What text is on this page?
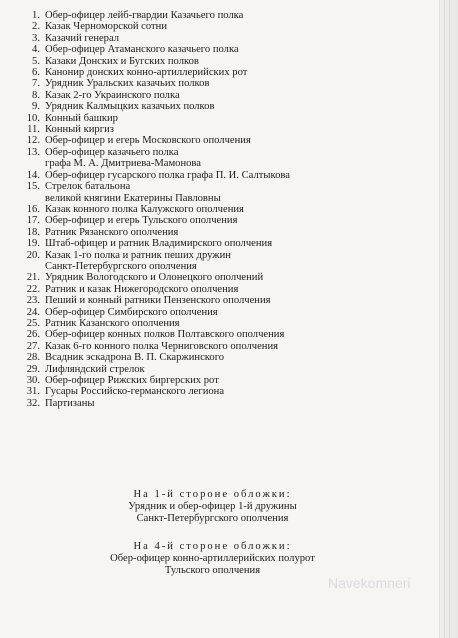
1. Обер-офицер лейб-гвардии Казачьего полка
2. Казак Черноморской сотни
3. Казачий генерал
4. Обер-офицер Атаманского казачьего полка
5. Казаки Донских и Бугских полков
6. Канонир донских конно-артиллерийских рот
7. Урядник Уральских казачьих полков
8. Казак 2-го Украинского полка
9. Урядник Калмыцких казачьих полков
10. Конный башкир
11. Конный киргиз
12. Обер-офицер и егерь Московского ополчения
13. Обер-офицер казачьего полка
графа М. А. Дмитриева-Мамонова
14. Обер-офицер гусарского полка графа П. И. Салтыкова
15. Стрелок батальона
великой княгини Екатерины Павловны
16. Казак конного полка Калужского ополчения
17. Обер-офицер и егерь Тульского ополчения
18. Ратник Рязанского ополчения
19. Штаб-офицер и ратник Владимирского ополчения
20. Казак 1-го полка и ратник пеших дружин
Санкт-Петербургского ополчения
21. Урядник Вологодского и Олонецкого ополчений
22. Ратник и казак Нижегородского ополчения
23. Пеший и конный ратники Пензенского ополчения
24. Обер-офицер Симбирского ополчения
25. Ратник Казанского ополчения
26. Обер-офицер конных полков Полтавского ополчения
27. Казак 6-го конного полка Черниговского ополчения
28. Всадник эскадрона В. П. Скаржинского
29. Лифляндский стрелок
30. Обер-офицер Рижских биргерских рот
31. Гусары Российско-германского легиона
32. Партизаны
На 1-й стороне обложки:
Урядник и обер-офицер 1-й дружины
Санкт-Петербургского ополчения
На 4-й стороне обложки:
Обер-офицер конно-артиллерийских полурот
Тульского ополчения
Navekomneri
